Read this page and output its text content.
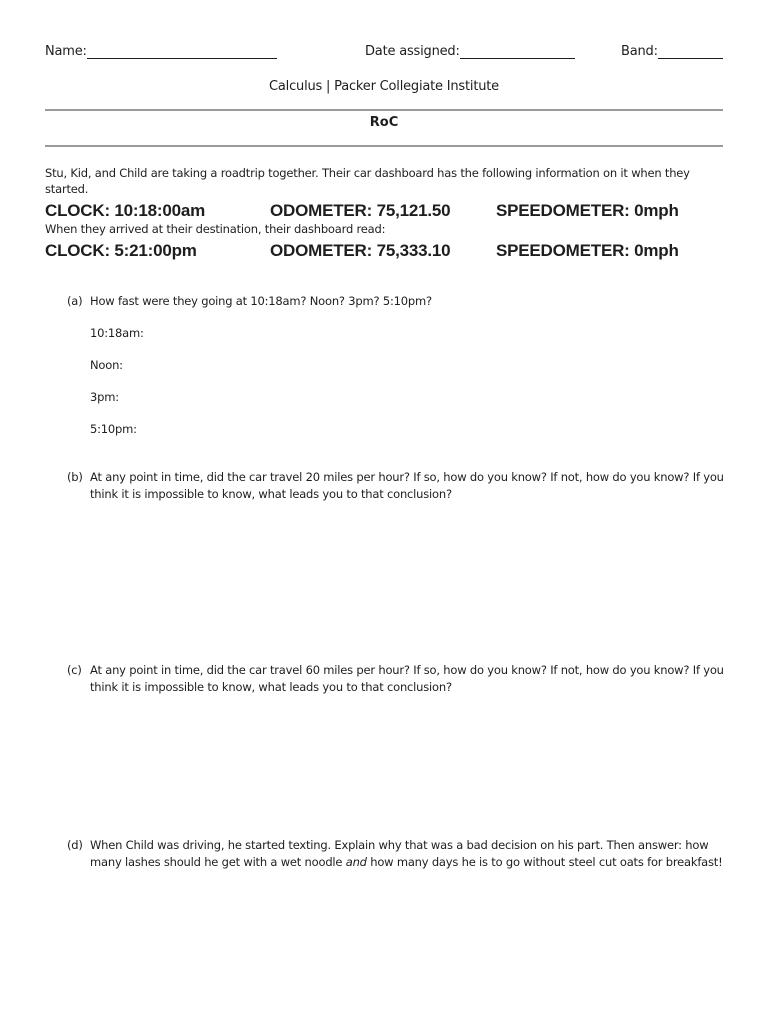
Name:	Date assigned:	Band:
Calculus | Packer Collegiate Institute
RoC
Stu, Kid, and Child are taking a roadtrip together. Their car dashboard has the following information on it when they started.
CLOCK: 10:18:00am	ODOMETER: 75,121.50	SPEEDOMETER: 0mph
When they arrived at their destination, their dashboard read:
CLOCK: 5:21:00pm	ODOMETER: 75,333.10	SPEEDOMETER: 0mph
(a) How fast were they going at 10:18am? Noon? 3pm? 5:10pm?
10:18am:
Noon:
3pm:
5:10pm:
(b) At any point in time, did the car travel 20 miles per hour? If so, how do you know? If not, how do you know? If you think it is impossible to know, what leads you to that conclusion?
(c) At any point in time, did the car travel 60 miles per hour? If so, how do you know? If not, how do you know? If you think it is impossible to know, what leads you to that conclusion?
(d) When Child was driving, he started texting. Explain why that was a bad decision on his part. Then answer: how many lashes should he get with a wet noodle and how many days he is to go without steel cut oats for breakfast!
